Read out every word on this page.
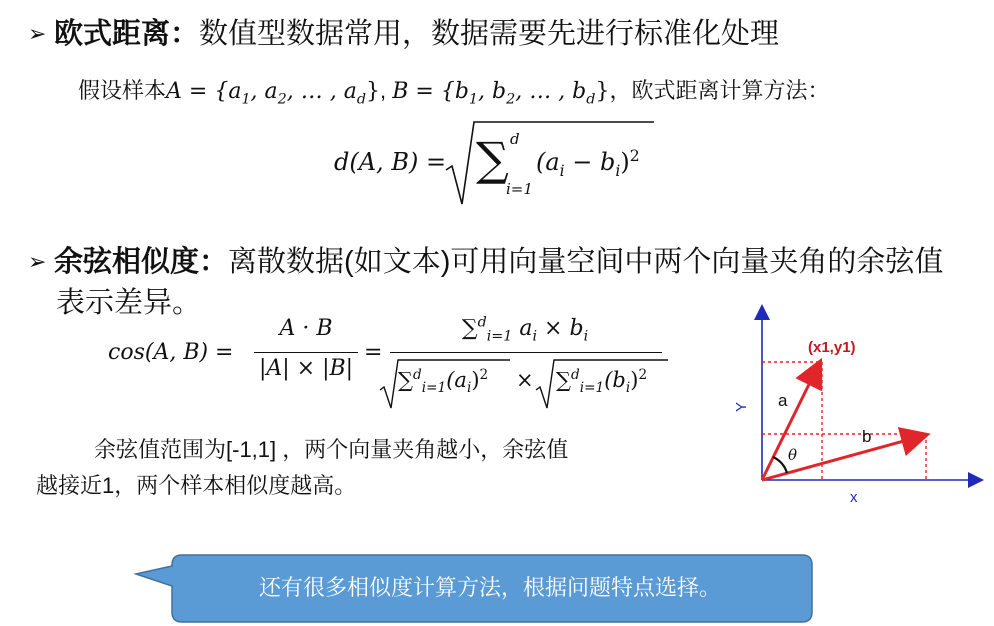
➢ 欧式距离：数值型数据常用，数据需要先进行标准化处理
假设样本$A = \{a_1$, $a_2$, … , $a_d$}, $B = \{b_1$, $b_2$, … , $b_d$}，欧式距离计算方法：
d(A, B) = ∑ d
i=1
$(a_i - b_i)^2$
➢ 余弦相似度：离散数据(如文本)可用向量空间中两个向量夹角的余弦值
表示差异。
cos(A, B) =
A · B
|A| × |B|
=
∑$^d_{i=1}$ $a_i \times b_i$
$\sum^d_{i=1}(a_i)^2 \times \sum^d_{i=1}(b_i)^2$
余弦值范围为[-1,1] ，两个向量夹角越小，余弦值
越接近1，两个样本相似度越高。
(x1,y1)
Y
x
a
b
θ
还有很多相似度计算方法，根据问题特点选择。
